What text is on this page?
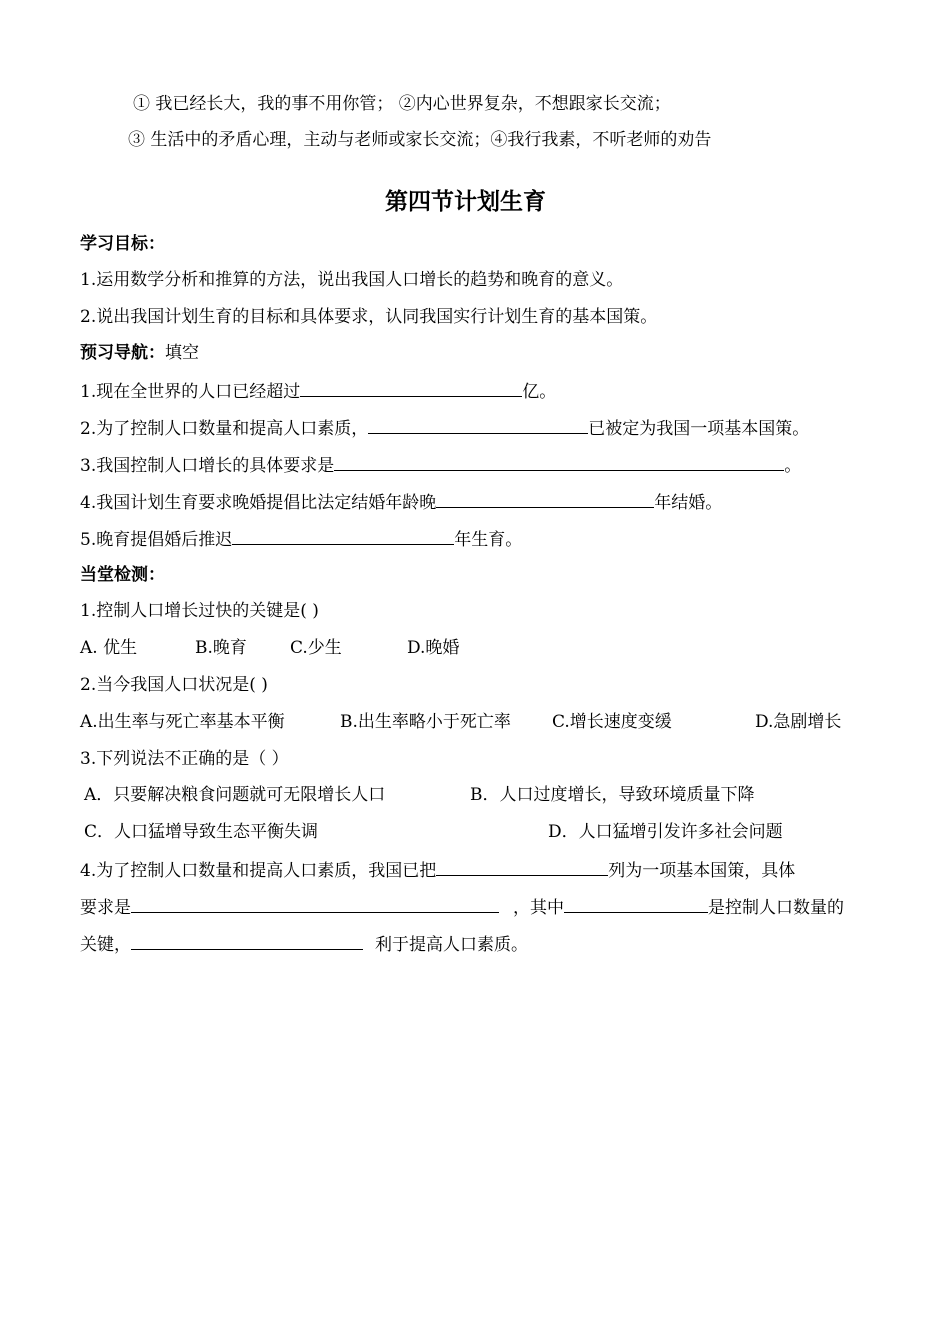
① 我已经长大，我的事不用你管； ②内心世界复杂，不想跟家长交流；
③ 生活中的矛盾心理，主动与老师或家长交流；④我行我素，不听老师的劝告
第四节计划生育
学习目标：
1.运用数学分析和推算的方法，说出我国人口增长的趋势和晚育的意义。
2.说出我国计划生育的目标和具体要求，认同我国实行计划生育的基本国策。
预习导航：填空
1.现在全世界的人口已经超过	亿。
2.为了控制人口数量和提高人口素质，	已被定为我国一项基本国策。
3.我国控制人口增长的具体要求是	。
4.我国计划生育要求晚婚提倡比法定结婚年龄晚	年结婚。
5.晚育提倡婚后推迟	年生育。
当堂检测：
1.控制人口增长过快的关键是( )
A. 优生	B.晚育	C.少生	D.晚婚
2.当今我国人口状况是( )
A.出生率与死亡率基本平衡	B.出生率略小于死亡率 C.增长速度变缓	D.急剧增长
3.下列说法不正确的是（ ）
A．只要解决粮食问题就可无限增长人口	B．人口过度增长，导致环境质量下降
C．人口猛增导致生态平衡失调	D．人口猛增引发许多社会问题
4.为了控制人口数量和提高人口素质，我国已把	列为一项基本国策，具体
要求是	，其中	是控制人口数量的
关键，	利于提高人口素质。
